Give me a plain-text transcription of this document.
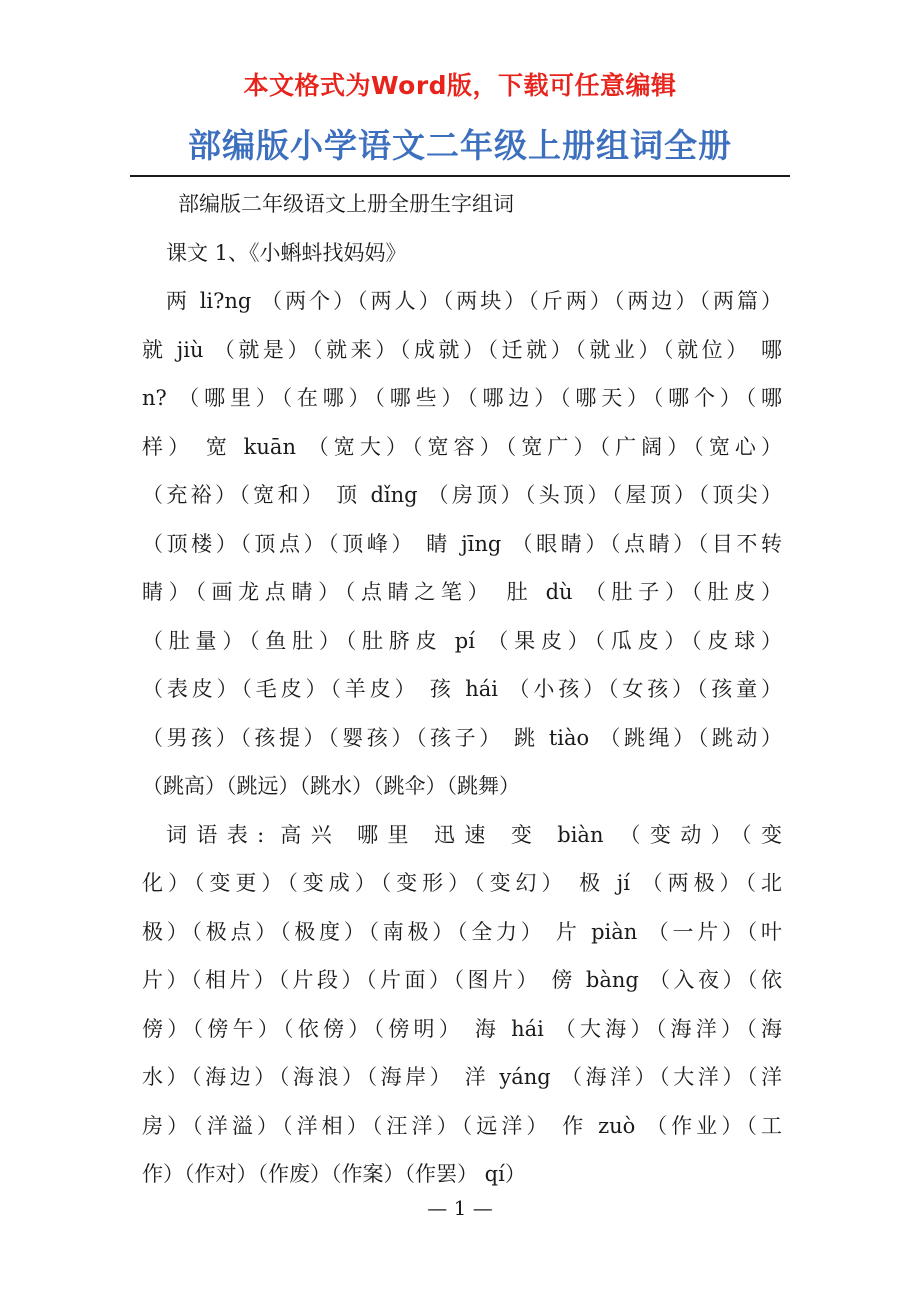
本文格式为Word版，下载可任意编辑
部编版小学语文二年级上册组词全册
部编版二年级语文上册全册生字组词
课文 1、《小蝌蚪找妈妈》
两 li?ng （两个）（两人）（两块）（斤两）（两边）（两篇）
就 jiù （就是）（就来）（成就）（迁就）（就业）（就位） 哪
n? （哪里）（在哪）（哪些）（哪边）（哪天）（哪个）（哪
样） 宽 kuān （宽大）（宽容）（宽广）（广阔）（宽心）
（充裕）（宽和） 顶 dǐng （房顶）（头顶）（屋顶）（顶尖）
（顶楼）（顶点）（顶峰） 睛 jīng （眼睛）（点睛）（目不转
睛）（画龙点睛）（点睛之笔） 肚 dù （肚子）（肚皮）
（肚量）（鱼肚）（肚脐皮 pí （果皮）（瓜皮）（皮球）
（表皮）（毛皮）（羊皮） 孩 hái （小孩）（女孩）（孩童）
（男孩）（孩提）（婴孩）（孩子） 跳 tiào （跳绳）（跳动）
（跳高）（跳远）（跳水）（跳伞）（跳舞）
词语表: 高兴 哪里 迅速 变 biàn （变动）（变
化）（变更）（变成）（变形）（变幻） 极 jí （两极）（北
极）（极点）（极度）（南极）（全力） 片 piàn （一片）（叶
片）（相片）（片段）（片面）（图片） 傍 bàng （入夜）（依
傍）（傍午）（依傍）（傍明） 海 hái （大海）（海洋）（海
水）（海边）（海浪）（海岸） 洋 yáng （海洋）（大洋）（洋
房）（洋溢）（洋相）（汪洋）（远洋） 作 zuò （作业）（工
作）（作对）（作废）（作案）（作罢） qí）
— 1 —
